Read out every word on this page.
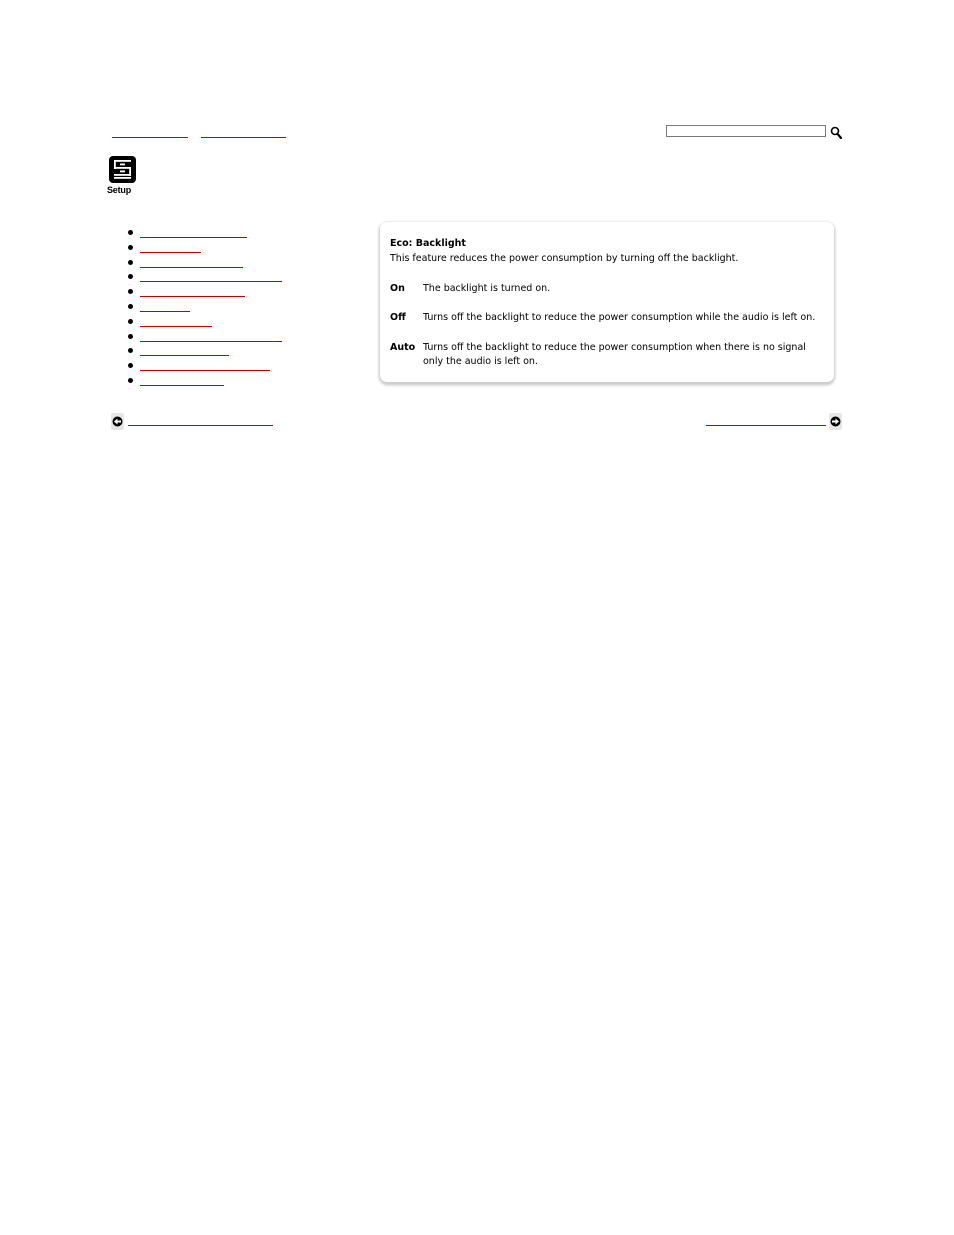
Setup
Eco: Backlight
This feature reduces the power consumption by turning off the backlight.
On The backlight is turned on.
Off Turns off the backlight to reduce the power consumption while the audio is left on.
Auto Turns off the backlight to reduce the power consumption when there is no signal only the audio is left on.
